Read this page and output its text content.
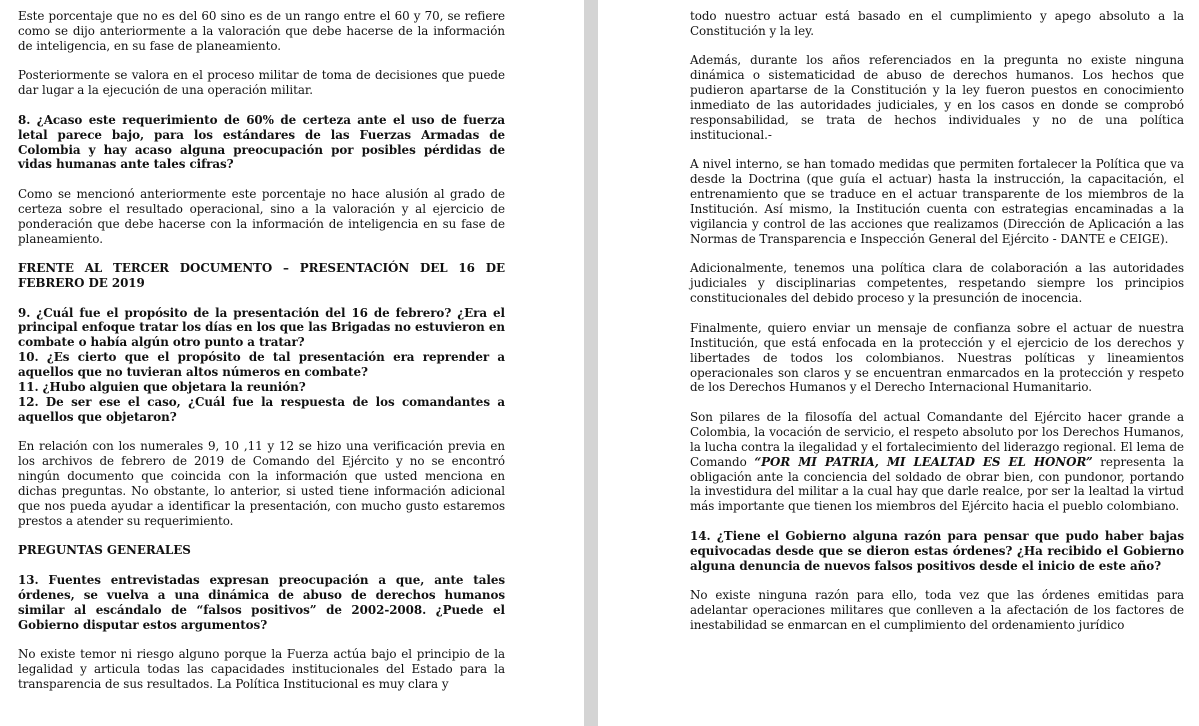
Este porcentaje que no es del 60 sino es de un rango entre el 60 y 70, se refiere como se dijo anteriormente a la valoración que debe hacerse de la información de inteligencia, en su fase de planeamiento.

Posteriormente se valora en el proceso militar de toma de decisiones que puede dar lugar a la ejecución de una operación militar.

8. ¿Acaso este requerimiento de 60% de certeza ante el uso de fuerza letal parece bajo, para los estándares de las Fuerzas Armadas de Colombia y hay acaso alguna preocupación por posibles pérdidas de vidas humanas ante tales cifras?

Como se mencionó anteriormente este porcentaje no hace alusión al grado de certeza sobre el resultado operacional, sino a la valoración y al ejercicio de ponderación que debe hacerse con la información de inteligencia en su fase de planeamiento.

FRENTE AL TERCER DOCUMENTO – PRESENTACIÓN DEL 16 DE FEBRERO DE 2019

9. ¿Cuál fue el propósito de la presentación del 16 de febrero? ¿Era el principal enfoque tratar los días en los que las Brigadas no estuvieron en combate o había algún otro punto a tratar?

10. ¿Es cierto que el propósito de tal presentación era reprender a aquellos que no tuvieran altos números en combate?

11. ¿Hubo alguien que objetara la reunión?

12. De ser ese el caso, ¿Cuál fue la respuesta de los comandantes a aquellos que objetaron?

En relación con los numerales 9, 10 ,11 y 12 se hizo una verificación previa en los archivos de febrero de 2019 de Comando del Ejército y no se encontró ningún documento que coincida con la información que usted menciona en dichas preguntas. No obstante, lo anterior, si usted tiene información adicional que nos pueda ayudar a identificar la presentación, con mucho gusto estaremos prestos a atender su requerimiento.

PREGUNTAS GENERALES

13. Fuentes entrevistadas expresan preocupación a que, ante tales órdenes, se vuelva a una dinámica de abuso de derechos humanos similar al escándalo de “falsos positivos” de 2002-2008. ¿Puede el Gobierno disputar estos argumentos?

No existe temor ni riesgo alguno porque la Fuerza actúa bajo el principio de la legalidad y articula todas las capacidades institucionales del Estado para la transparencia de sus resultados. La Política Institucional es muy clara y

todo nuestro actuar está basado en el cumplimiento y apego absoluto a la Constitución y la ley.

Además, durante los años referenciados en la pregunta no existe ninguna dinámica o sistematicidad de abuso de derechos humanos. Los hechos que pudieron apartarse de la Constitución y la ley fueron puestos en conocimiento inmediato de las autoridades judiciales, y en los casos en donde se comprobó responsabilidad, se trata de hechos individuales y no de una política institucional.-

A nivel interno, se han tomado medidas que permiten fortalecer la Política que va desde la Doctrina (que guía el actuar) hasta la instrucción, la capacitación, el entrenamiento que se traduce en el actuar transparente de los miembros de la Institución. Así mismo, la Institución cuenta con estrategias encaminadas a la vigilancia y control de las acciones que realizamos (Dirección de Aplicación a las Normas de Transparencia e Inspección General del Ejército - DANTE e CEIGE).

Adicionalmente, tenemos una política clara de colaboración a las autoridades judiciales y disciplinarias competentes, respetando siempre los principios constitucionales del debido proceso y la presunción de inocencia.

Finalmente, quiero enviar un mensaje de confianza sobre el actuar de nuestra Institución, que está enfocada en la protección y el ejercicio de los derechos y libertades de todos los colombianos. Nuestras políticas y lineamientos operacionales son claros y se encuentran enmarcados en la protección y respeto de los Derechos Humanos y el Derecho Internacional Humanitario.

Son pilares de la filosofía del actual Comandante del Ejército hacer grande a Colombia, la vocación de servicio, el respeto absoluto por los Derechos Humanos, la lucha contra la ilegalidad y el fortalecimiento del liderazgo regional. El lema de Comando “POR MI PATRIA, MI LEALTAD ES EL HONOR” representa la obligación ante la conciencia del soldado de obrar bien, con pundonor, portando la investidura del militar a la cual hay que darle realce, por ser la lealtad la virtud más importante que tienen los miembros del Ejército hacia el pueblo colombiano.

14. ¿Tiene el Gobierno alguna razón para pensar que pudo haber bajas equivocadas desde que se dieron estas órdenes? ¿Ha recibido el Gobierno alguna denuncia de nuevos falsos positivos desde el inicio de este año?

No existe ninguna razón para ello, toda vez que las órdenes emitidas para adelantar operaciones militares que conlleven a la afectación de los factores de inestabilidad se enmarcan en el cumplimiento del ordenamiento jurídico
